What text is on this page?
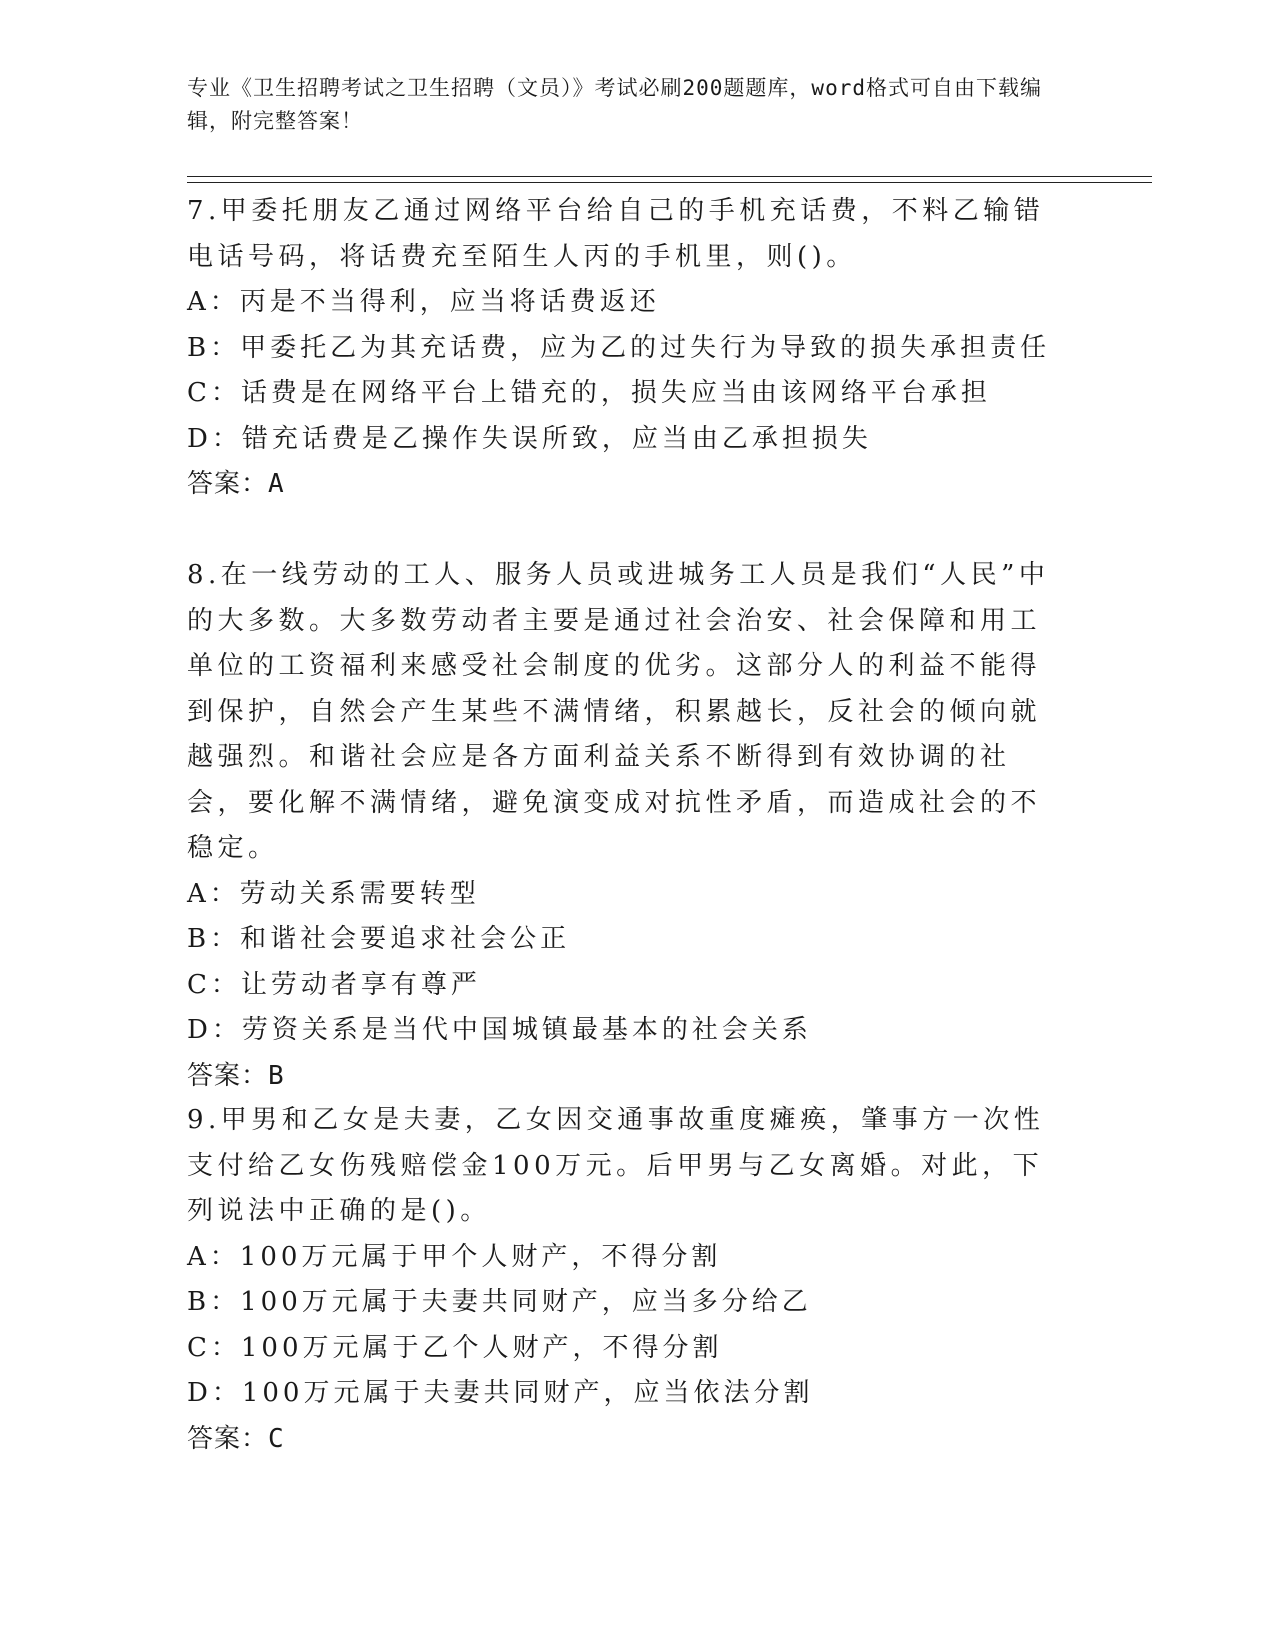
专业《卫生招聘考试之卫生招聘（文员）》考试必刷200题题库，word格式可自由下载编辑，附完整答案！

7.甲委托朋友乙通过网络平台给自己的手机充话费，不料乙输错电话号码，将话费充至陌生人丙的手机里，则()。

A：丙是不当得利，应当将话费返还

B：甲委托乙为其充话费，应为乙的过失行为导致的损失承担责任

C：话费是在网络平台上错充的，损失应当由该网络平台承担

D：错充话费是乙操作失误所致，应当由乙承担损失

答案：A

8.在一线劳动的工人、服务人员或进城务工人员是我们“人民”中的大多数。大多数劳动者主要是通过社会治安、社会保障和用工单位的工资福利来感受社会制度的优劣。这部分人的利益不能得到保护，自然会产生某些不满情绪，积累越长，反社会的倾向就越强烈。和谐社会应是各方面利益关系不断得到有效协调的社会，要化解不满情绪，避免演变成对抗性矛盾，而造成社会的不稳定。

A：劳动关系需要转型

B：和谐社会要追求社会公正

C：让劳动者享有尊严

D：劳资关系是当代中国城镇最基本的社会关系

答案：B

9.甲男和乙女是夫妻，乙女因交通事故重度瘫痪，肇事方一次性支付给乙女伤残赔偿金100万元。后甲男与乙女离婚。对此，下列说法中正确的是()。

A：100万元属于甲个人财产，不得分割

B：100万元属于夫妻共同财产，应当多分给乙

C：100万元属于乙个人财产，不得分割

D：100万元属于夫妻共同财产，应当依法分割

答案：C
